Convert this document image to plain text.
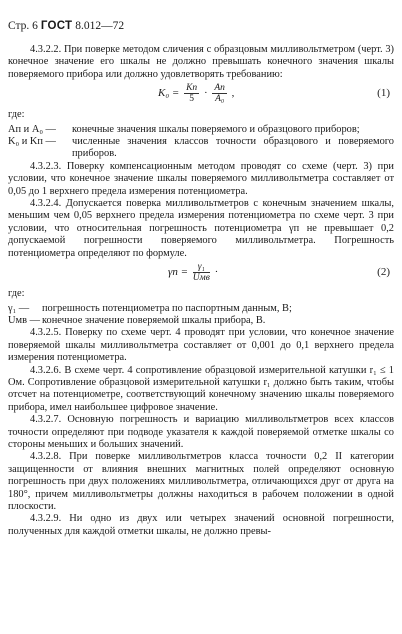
Стр. 6 ГОСТ 8.012—72

4.3.2.2. При поверке методом сличения с образцовым милливольтметром (черт. 3) конечное значение его шкалы не должно превышать конечного значения шкалы поверяемого прибора или должно удовлетворять требованию:

$K_0 = \frac{Kп}{5} \cdot \frac{Aп}{\text{A₀}}$ ,	(1)
где:
Aп и A₀ —	конечные значения шкалы поверяемого и образцового приборов;
K₀ и Kп —	численные значения классов точности образцового и поверяемого приборов.

4.3.2.3. Поверку компенсационным методом проводят со схеме (черт. 3) при условии, что конечное значение шкалы поверяемого милливольтметра составляет от 0,05 до 1 верхнего предела измерения потенциометра.

4.3.2.4. Допускается поверка милливольтметров с конечным значением шкалы, меньшим чем 0,05 верхнего предела измерения потенциометра по схеме черт. 3 при условии, что относительная погрешность потенциометра γп не превышает 0,2 допускаемой погрешности поверяемого милливольтметра. Погрешность потенциометра определяют по формуле.

$\gamma п = \frac{\text{γ₁}}{\text{Uмв}}$ ·	(2)
где:
γ₁ —	погрешность потенциометра по паспортным данным, В;
Uмв — конечное значение поверяемой шкалы прибора, В.

4.3.2.5. Поверку по схеме черт. 4 проводят при условии, что конечное значение поверяемой шкалы милливольтметра составляет от 0,001 до 0,1 верхнего предела измерения потенциометра.

4.3.2.6. В схеме черт. 4 сопротивление образцовой измерительной катушки r₁ ≤ 1 Ом. Сопротивление образцовой измерительной катушки r₁ должно быть таким, чтобы отсчет на потенциометре, соответствующий конечному значению шкалы поверяемого прибора, имел наибольшее цифровое значение.

4.3.2.7. Основную погрешность и вариацию милливольтметров всех классов точности определяют при подводе указателя к каждой поверяемой отметке шкалы со стороны меньших и больших значений.

4.3.2.8. При поверке милливольтметров класса точности 0,2 II категории защищенности от влияния внешних магнитных полей определяют основную погрешность при двух положениях милливольтметра, отличающихся друг от друга на 180°, причем милливольтметры должны находиться в рабочем положении в одной плоскости.

4.3.2.9. Ни одно из двух или четырех значений основной погрешности, полученных для каждой отметки шкалы, не должно превы-
